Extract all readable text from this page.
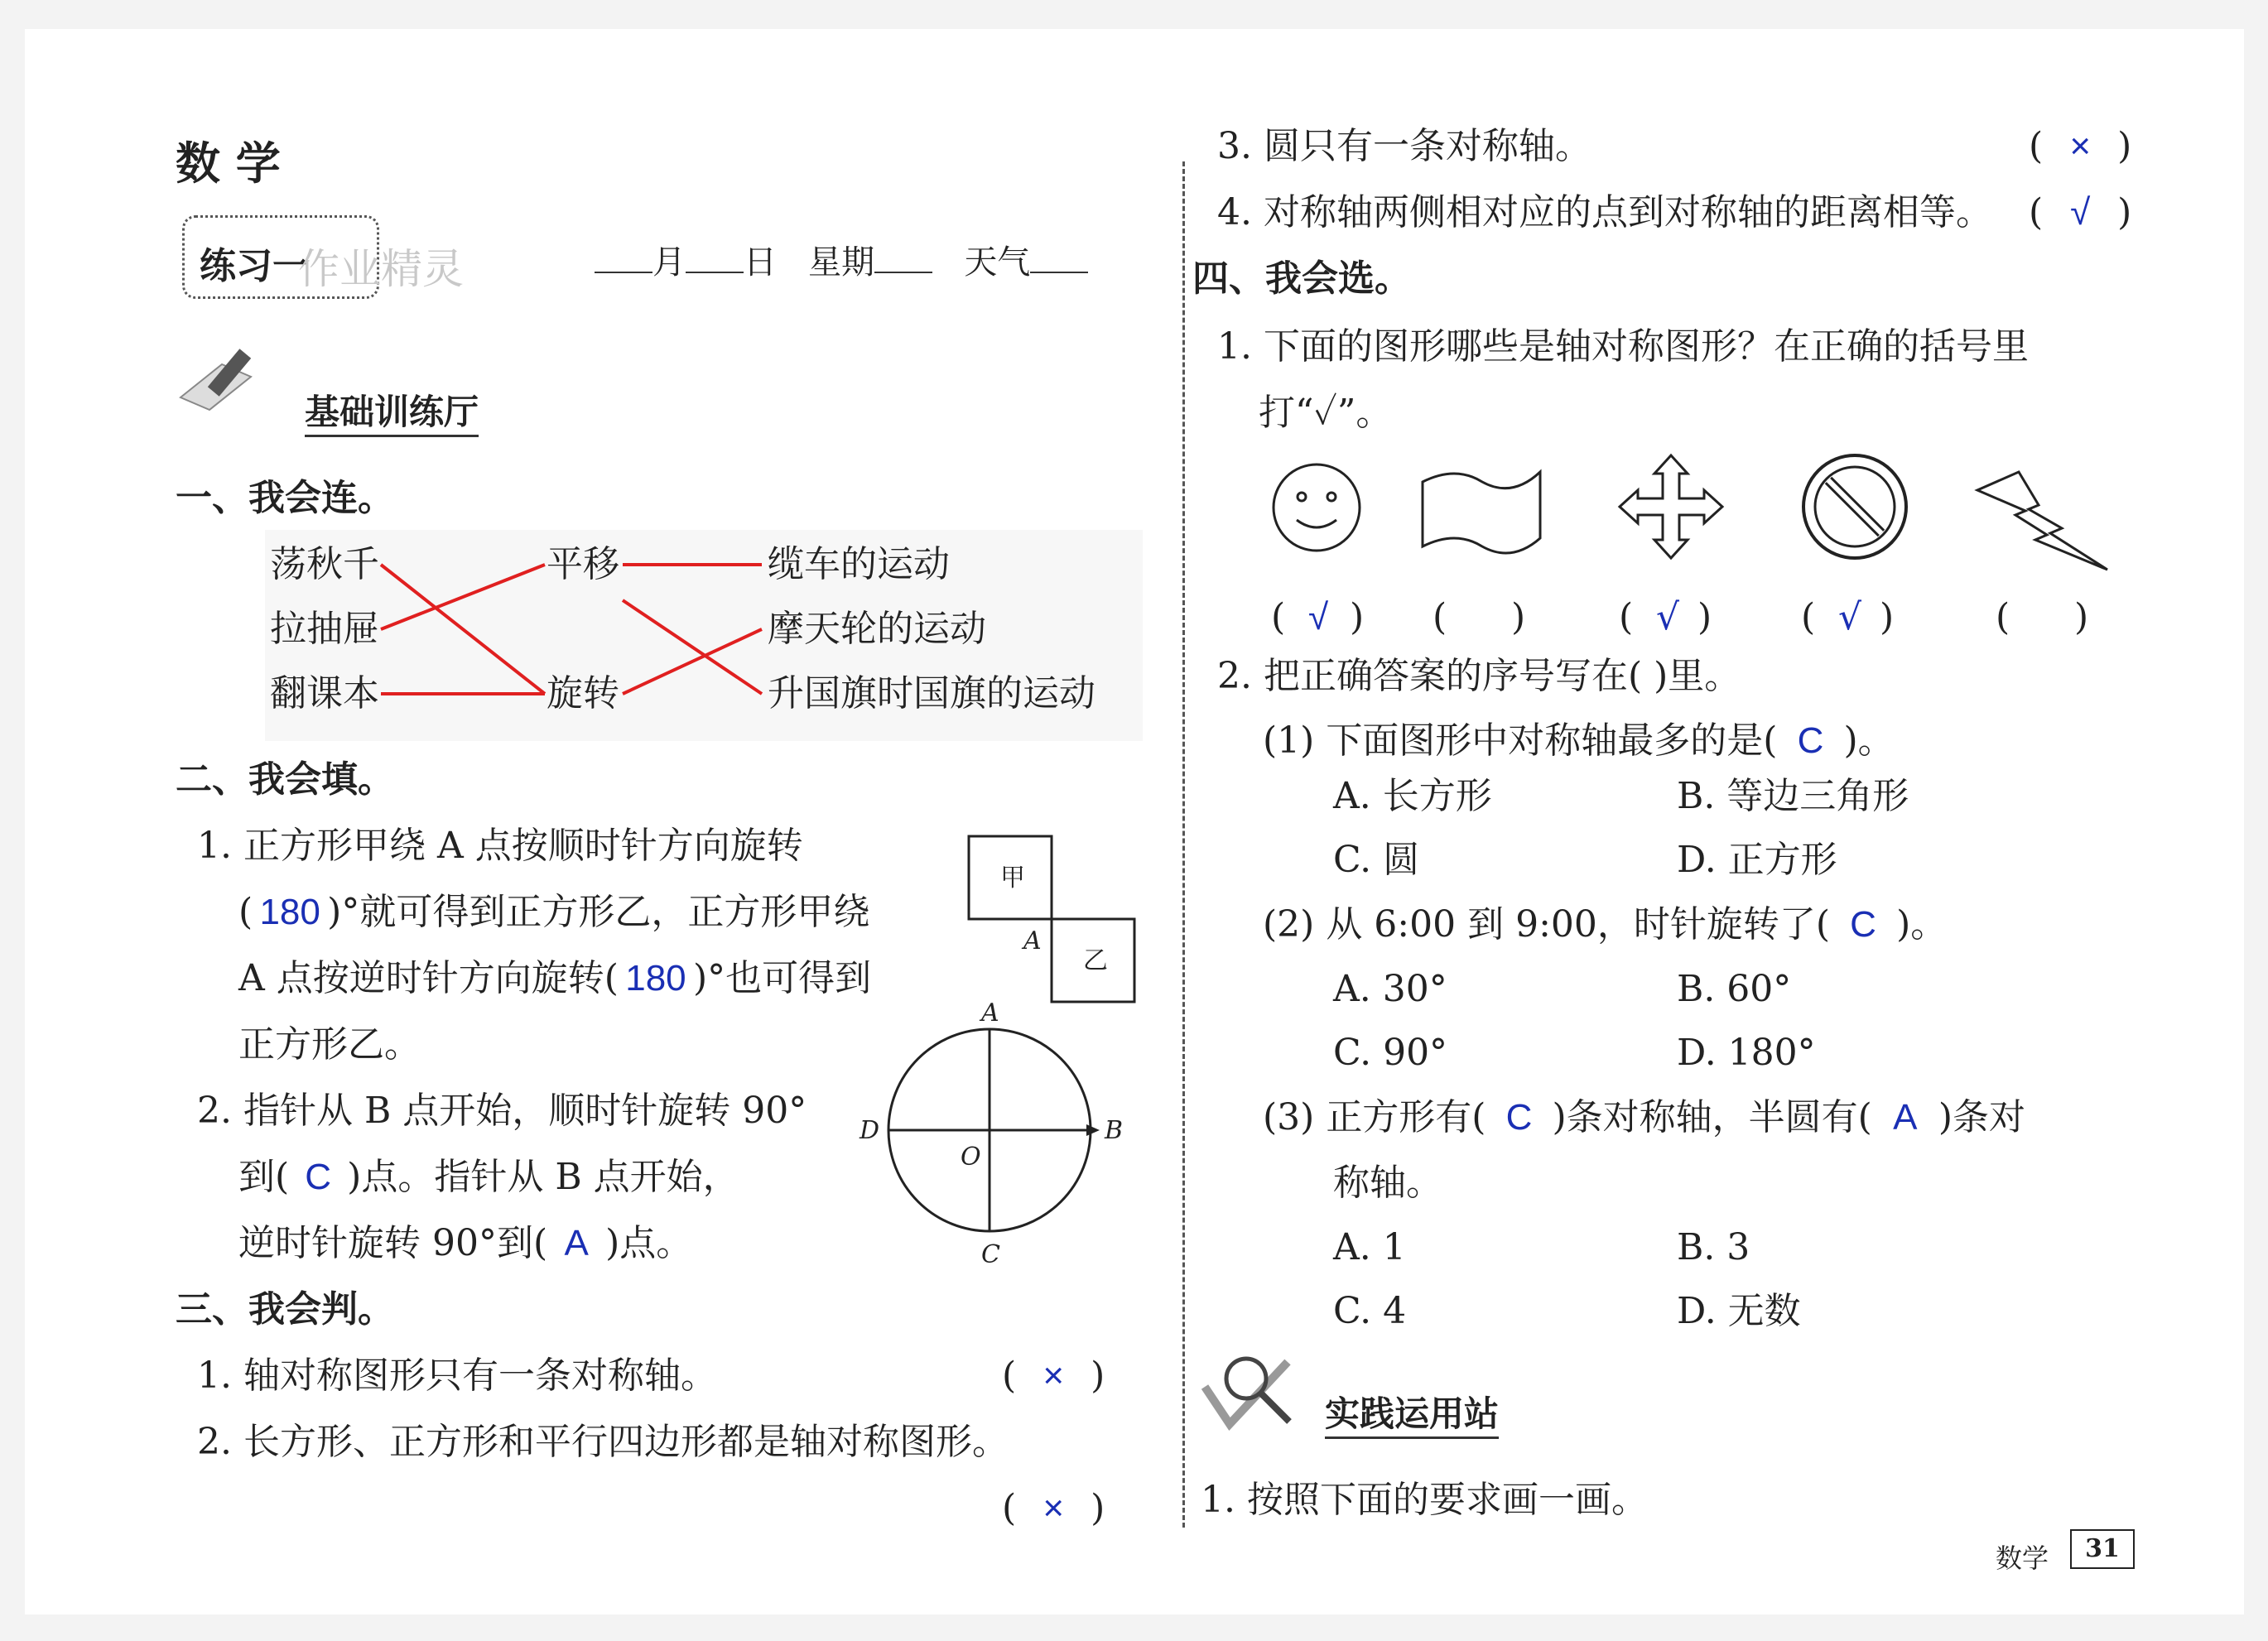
数 学
练习一
作业精灵	月 日 星期	天气
基础训练厅
一、我会连。
荡秋千
拉抽屉
翻课本
平移
旋转
缆车的运动
摩天轮的运动
升国旗时国旗的运动
二、我会填。
1. 正方形甲绕 A 点按顺时针方向旋转
( 180 )°就可得到正方形乙，正方形甲绕
A 点按逆时针方向旋转( 180 )°也可得到
正方形乙。
甲
乙
A
2. 指针从 B 点开始，顺时针旋转 90°
到( C )点。指针从 B 点开始，
逆时针旋转 90°到( A )点。
A
B
C
D
O
三、我会判。
1. 轴对称图形只有一条对称轴。	( × )
2. 长方形、正方形和平行四边形都是轴对称图形。
( × )
3. 圆只有一条对称轴。	( × )
4. 对称轴两侧相对应的点到对称轴的距离相等。 ( √ )
四、我会选。
1. 下面的图形哪些是轴对称图形？在正确的括号里
打“✓”。
( √ ) ( )	( √ ) ( √ )	( )
2. 把正确答案的序号写在( )里。
(1) 下面图形中对称轴最多的是( C )。
A. 长方形	B. 等边三角形
C. 圆	D. 正方形
(2) 从 6:00 到 9:00，时针旋转了( C )。
A. 30°	B. 60°
C. 90°	D. 180°
(3) 正方形有( C )条对称轴，半圆有( A )条对
称轴。
A. 1	B. 3
C. 4	D. 无数
实践运用站
1. 按照下面的要求画一画。
数学	31
